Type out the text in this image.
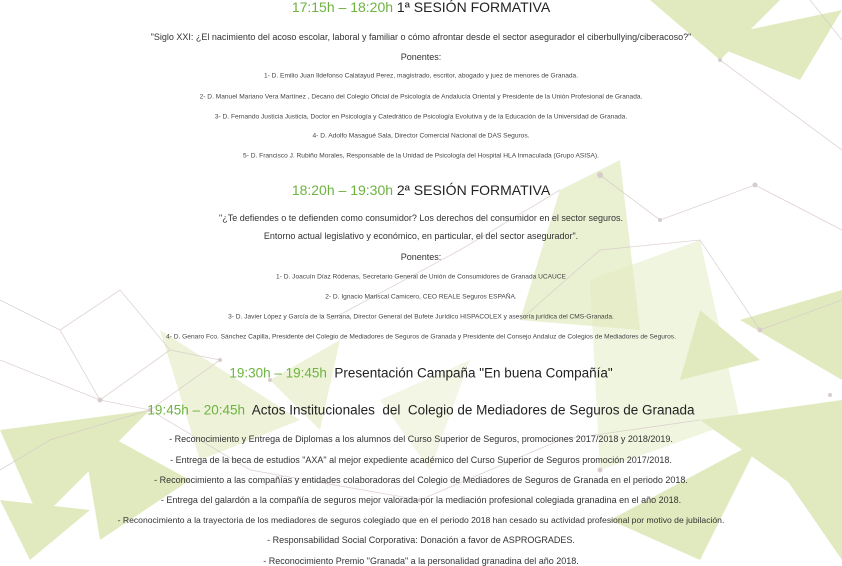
17:15h – 18:20h 1ª SESIÓN FORMATIVA
"Siglo XXI: ¿El nacimiento del acoso escolar, laboral y familiar o cómo afrontar desde el sector asegurador el ciberbullying/ciberacoso?"
Ponentes:
1- D. Emilio Juan Ildefonso Calatayud Perez, magistrado, escritor, abogado y juez de menores de Granada.
2- D. Manuel Mariano Vera Martínez , Decano del Colegio Oficial de Psicología de Andalucía Oriental y Presidente de la Unión Profesional de Granada.
3- D. Fernando Justicia Justicia, Doctor en Psicología y Catedrático de Psicología Evolutiva y de la Educación de la Universidad de Granada.
4- D. Adolfo Masagué Sala, Director Comercial Nacional de DAS Seguros.
5- D. Francisco J. Rubiño Morales, Responsable de la Unidad de Psicología del Hospital HLA Inmaculada (Grupo ASISA).
18:20h – 19:30h 2ª SESIÓN FORMATIVA
"¿Te defiendes o te defienden como consumidor? Los derechos del consumidor en el sector seguros.
Entorno actual legislativo y económico, en particular, el del sector asegurador".
Ponentes:
1- D. Joacuín Díaz Ródenas, Secretario General de Unión de Consumidores de Granada UCAUCE
2- D. Ignacio Mariscal Camicero, CEO REALE Seguros ESPAÑA.
3- D. Javier López y García de la Serrana, Director General del Bufete Jurídico HISPACOLEX y asesoría jurídica del CMS-Granada.
4- D. Genaro Fco. Sánchez Capilla, Presidente del Colegio de Mediadores de Seguros de Granada y Presidente del Consejo Andaluz de Colegios de Mediadores de Seguros.
19:30h – 19:45h Presentación Campaña "En buena Compañía"
19:45h – 20:45h Actos Institucionales  del  Colegio de Mediadores de Seguros de Granada
- Reconocimiento y Entrega de Diplomas a los alumnos del Curso Superior de Seguros, promociones 2017/2018 y 2018/2019.
- Entrega de la beca de estudios "AXA" al mejor expediente académico del Curso Superior de Seguros promoción 2017/2018.
- Reconocimiento a las compañías y entidades colaboradoras del Colegio de Mediadores de Seguros de Granada en el periodo 2018.
- Entrega del galardón a la compañía de seguros mejor valorada por la mediación profesional colegiada granadina en el año 2018.
- Reconocimiento a la trayectoria de los mediadores de seguros colegiado que en el periodo 2018 han cesado su actividad profesional por motivo de jubilación.
- Responsabilidad Social Corporativa: Donación a favor de ASPROGRADES.
- Reconocimiento Premio "Granada" a la personalidad granadina del año 2018.
